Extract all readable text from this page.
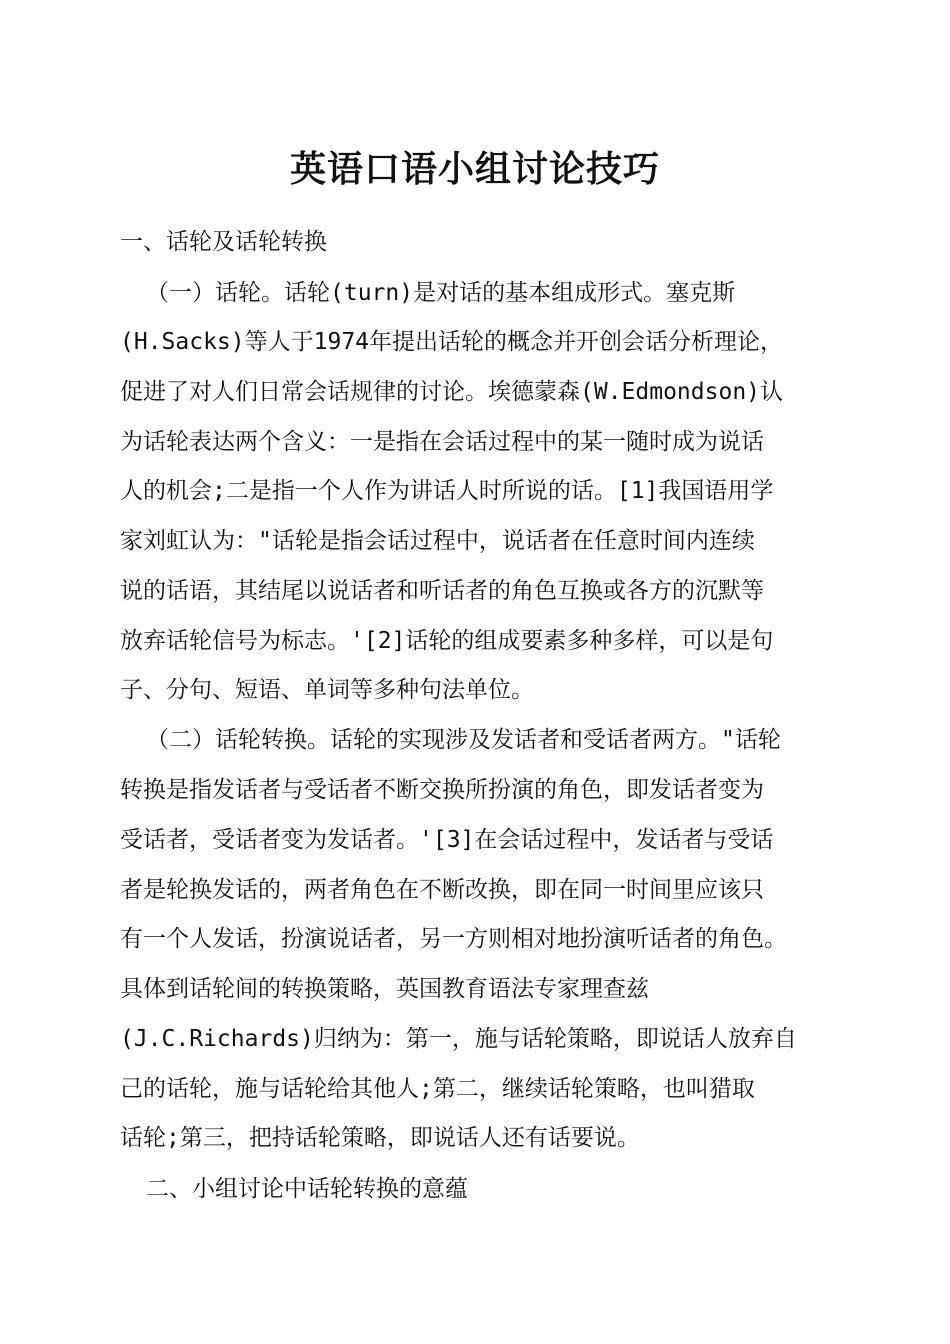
英语口语小组讨论技巧
一、话轮及话轮转换
（一）话轮。话轮(turn)是对话的基本组成形式。塞克斯
(H.Sacks)等人于1974年提出话轮的概念并开创会话分析理论，
促进了对人们日常会话规律的讨论。埃德蒙森(W.Edmondson)认
为话轮表达两个含义：一是指在会话过程中的某一随时成为说话
人的机会;二是指一个人作为讲话人时所说的话。[1]我国语用学
家刘虹认为："话轮是指会话过程中，说话者在任意时间内连续
说的话语，其结尾以说话者和听话者的角色互换或各方的沉默等
放弃话轮信号为标志。'[2]话轮的组成要素多种多样，可以是句
子、分句、短语、单词等多种句法单位。
（二）话轮转换。话轮的实现涉及发话者和受话者两方。"话轮
转换是指发话者与受话者不断交换所扮演的角色，即发话者变为
受话者，受话者变为发话者。'[3]在会话过程中，发话者与受话
者是轮换发话的，两者角色在不断改换，即在同一时间里应该只
有一个人发话，扮演说话者，另一方则相对地扮演听话者的角色。
具体到话轮间的转换策略，英国教育语法专家理查兹
(J.C.Richards)归纳为：第一，施与话轮策略，即说话人放弃自
己的话轮，施与话轮给其他人;第二，继续话轮策略，也叫猎取
话轮;第三，把持话轮策略，即说话人还有话要说。
二、小组讨论中话轮转换的意蕴
